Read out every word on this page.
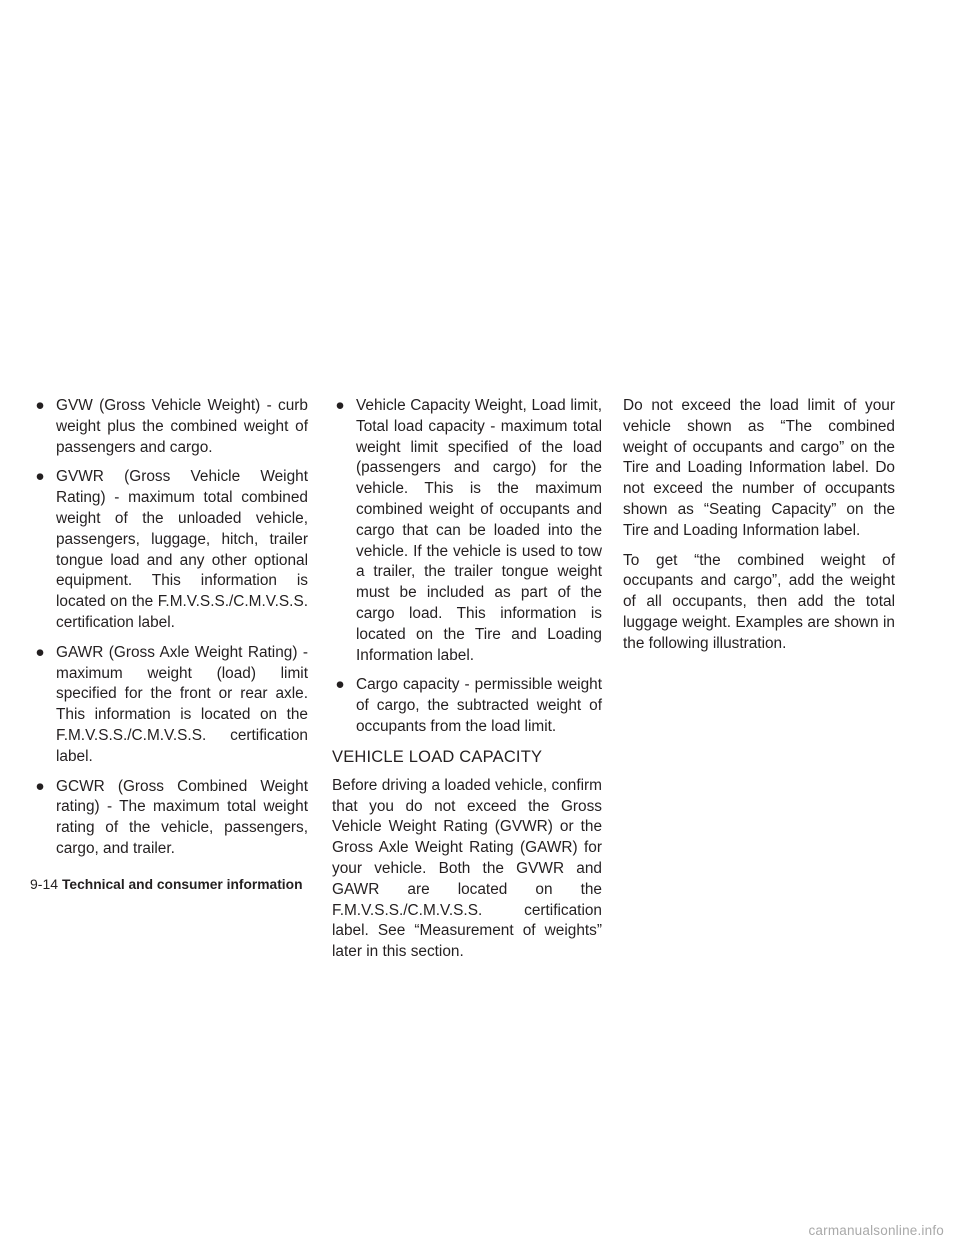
● GVW (Gross Vehicle Weight) - curb weight plus the combined weight of passengers and cargo.
● GVWR (Gross Vehicle Weight Rating) - maximum total combined weight of the unloaded vehicle, passengers, luggage, hitch, trailer tongue load and any other optional equipment. This information is located on the F.M.V.S.S./C.M.V.S.S. certification label.
● GAWR (Gross Axle Weight Rating) - maximum weight (load) limit specified for the front or rear axle. This information is located on the F.M.V.S.S./C.M.V.S.S. certification label.
● GCWR (Gross Combined Weight rating) - The maximum total weight rating of the vehicle, passengers, cargo, and trailer.
● Vehicle Capacity Weight, Load limit, Total load capacity - maximum total weight limit specified of the load (passengers and cargo) for the vehicle. This is the maximum combined weight of occupants and cargo that can be loaded into the vehicle. If the vehicle is used to tow a trailer, the trailer tongue weight must be included as part of the cargo load. This information is located on the Tire and Loading Information label.
● Cargo capacity - permissible weight of cargo, the subtracted weight of occupants from the load limit.
VEHICLE LOAD CAPACITY

Before driving a loaded vehicle, confirm that you do not exceed the Gross Vehicle Weight Rating (GVWR) or the Gross Axle Weight Rating (GAWR) for your vehicle. Both the GVWR and GAWR are located on the F.M.V.S.S./C.M.V.S.S. certification label. See “Measurement of weights” later in this section.

Do not exceed the load limit of your vehicle shown as “The combined weight of occupants and cargo” on the Tire and Loading Information label. Do not exceed the number of occupants shown as “Seating Capacity” on the Tire and Loading Information label.

To get “the combined weight of occupants and cargo”, add the weight of all occupants, then add the total luggage weight. Examples are shown in the following illustration.

9-14 Technical and consumer information
carmanualsonline.info
